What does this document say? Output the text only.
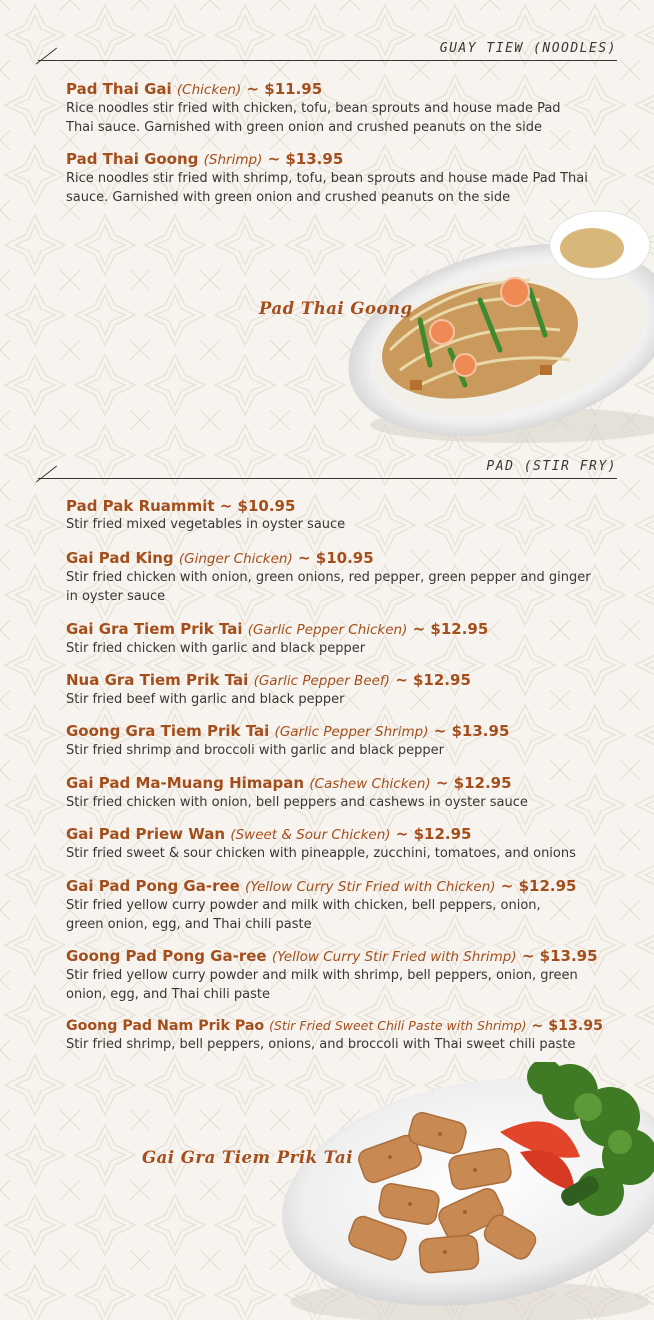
GUAY TIEW (NOODLES)
Pad Thai Gai (Chicken) ~ $11.95
Rice noodles stir fried with chicken, tofu, bean sprouts and house made Pad
Thai sauce. Garnished with green onion and crushed peanuts on the side
Pad Thai Goong (Shrimp) ~ $13.95
Rice noodles stir fried with shrimp, tofu, bean sprouts and house made Pad Thai
sauce. Garnished with green onion and crushed peanuts on the side
Pad Thai Goong
PAD (STIR FRY)
Pad Pak Ruammit ~ $10.95
Stir fried mixed vegetables in oyster sauce
Gai Pad King (Ginger Chicken) ~ $10.95
Stir fried chicken with onion, green onions, red pepper, green pepper and ginger
in oyster sauce
Gai Gra Tiem Prik Tai (Garlic Pepper Chicken) ~ $12.95
Stir fried chicken with garlic and black pepper
Nua Gra Tiem Prik Tai (Garlic Pepper Beef) ~ $12.95
Stir fried beef with garlic and black pepper
Goong Gra Tiem Prik Tai (Garlic Pepper Shrimp) ~ $13.95
Stir fried shrimp and broccoli with garlic and black pepper
Gai Pad Ma-Muang Himapan (Cashew Chicken) ~ $12.95
Stir fried chicken with onion, bell peppers and cashews in oyster sauce
Gai Pad Priew Wan (Sweet & Sour Chicken) ~ $12.95
Stir fried sweet & sour chicken with pineapple, zucchini, tomatoes, and onions
Gai Pad Pong Ga-ree (Yellow Curry Stir Fried with Chicken) ~ $12.95
Stir fried yellow curry powder and milk with chicken, bell peppers, onion,
green onion, egg, and Thai chili paste
Goong Pad Pong Ga-ree (Yellow Curry Stir Fried with Shrimp) ~ $13.95
Stir fried yellow curry powder and milk with shrimp, bell peppers, onion, green
onion, egg, and Thai chili paste
Goong Pad Nam Prik Pao (Stir Fried Sweet Chili Paste with Shrimp) ~ $13.95
Stir fried shrimp, bell peppers, onions, and broccoli with Thai sweet chili paste
Gai Gra Tiem Prik Tai
